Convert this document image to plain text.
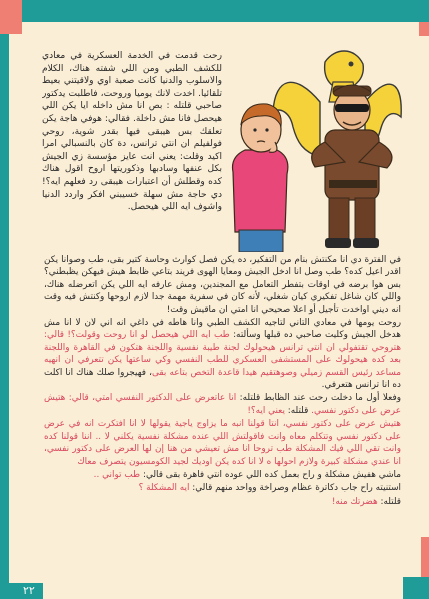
٢٢

رحت قدمت في الخدمة العسكرية في معادي للكشف الطبي ومن اللي شفته هناك، الكلام والاسلوب والدنيا كانت صعبة اوي ولاقيتني بعيط تلقائيا. اخدت لانك يوميا وروحت، فاطلبت يدكتور صاحبي قلتله : بص انا مش داخله ايا يكن اللي هيحصل فانا مش داخلة. فقالي: هوفي هاجة يكن تعلقك بس هيبقى فيها بقدر شوية، روحي فولفيلم ان انتي ترانس، دة كان بالنسبالي امرا اكيد وقلت: يعني انت عايز مؤسسة زي الجيش بكل عنفها وسادبها وذكوريتها اروح اقول هناك كده وقطلش أن اعتبارات هيبقى رد فعلهم ايه؟! دي حاجة مش سهلة خسيبني افكر واردد الدنيا واشوف ايه اللي هيحصل.

في الفترة دي انا مكنتش بنام من التفكير، ده يكن فصل كوارث وحاسة كتير بقى، طب وصوانا يكن اقدر اعيل كده؟ طب وصل انا ادخل الجيش ومعايا الهوى فريند بتاعي ظابط هيش فيهكن يظبطني؟ بس هوا برضه في اوقات بتفطر التعامل مع المجندين، ومش عارفه ايه اللي يكن اتعرضله هناك، واللي كان شاغل تفكيري كيان شغلي، لأنه كان في سفرية مهمة جدا لازم اروحها وكنتش فيه وقت انه ديني اواخدت تأجيل أو اعلا صحيحي انا امتي ان ماقيش وقت!

روحت يومها في معادي التاني لتاجيه الكشف الطبي وانا هاطه في داغي انه اني لان لا انا مش هدخل الجيش وكليت صاحبي ده قبلها وسألته: طب ايه اللي هيحصل لو انا روحت وقولت؟! قالي: هتروحي تقتفولي ان انتي ترانس هيحولوك لجنة طيبة نفسية واللجنة هتكون في القاهرة واللجنة بعد كده هيحولوك على المستشفى العسكري للطب النفسي وكي ساعتها يكن تتعرفي ان انهيه مساعد رئيس القسم زميلي وصوهتقيم هيدا قاعدة التخص بتاعه بقى، فهيجروا صلك هناك انا اكلت ده انا ترانس هتعرفي.

وفعلا أول ما دخلت رحت عند الظابط قلتله: انا عاتعرض على الدكتور النفسي امتي، قالي: هتيش عرض على دكتور نفسي. قلتله: يعني ايه؟!

هتيش عرض على دكتور نفسي، انتا قولنا انبه ما يزاوج ياجية يقولها لا انا افتكرت انه في عرض على دكتور نفسي وتتكلم معاه وانت فاقولتش اللي عنده مشكلة نفسية يكلني لا .. اننا قولنا كده وانت تقي اللي فيك المشكلة طب تروحا انا مش تعيشي من هنا إن لها العرض على دكتور نفسي، انا عندي مشكلة كبيرة ولازم احولها ه لا انا كده يكن اوديك لجيد الكومسيون يتصرف معاك

ماشي هفيش مشكلة و راح بعمل كده اللي عوده انتي فاهرة بقى قالي: طب تواني ..

استنيته راح جاب دكاترة عظام وصراخة وواحد منهم قالي: ايه المشكلة ؟

قلتله: هضرتك منه!
